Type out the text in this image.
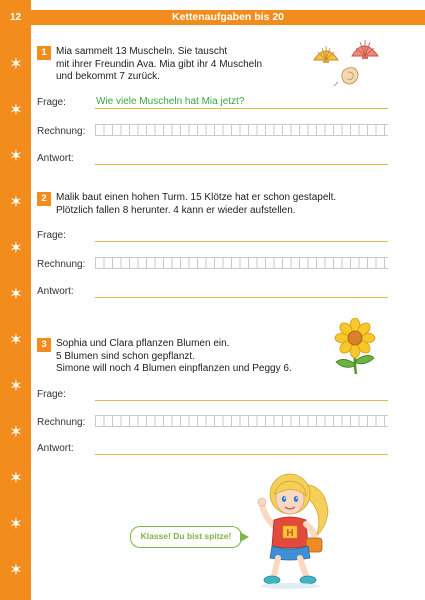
12
✶
✶
✶
✶
✶
✶
✶
✶
✶
✶
✶
✶
Kettenaufgaben bis 20
1 Mia sammelt 13 Muscheln. Sie tauscht
mit ihrer Freundin Ava. Mia gibt ihr 4 Muscheln
und bekommt 7 zurück.
Frage:	Wie viele Muscheln hat Mia jetzt?
Rechnung:
Antwort:
2 Malik baut einen hohen Turm. 15 Klötze hat er schon gestapelt.
Plötzlich fallen 8 herunter. 4 kann er wieder aufstellen.
Frage:
Rechnung:
Antwort:
3 Sophia und Clara pflanzen Blumen ein.
5 Blumen sind schon gepflanzt.
Simone will noch 4 Blumen einpflanzen und Peggy 6.
Frage:
Rechnung:
Antwort:
Klasse! Du bist spitze!	H
